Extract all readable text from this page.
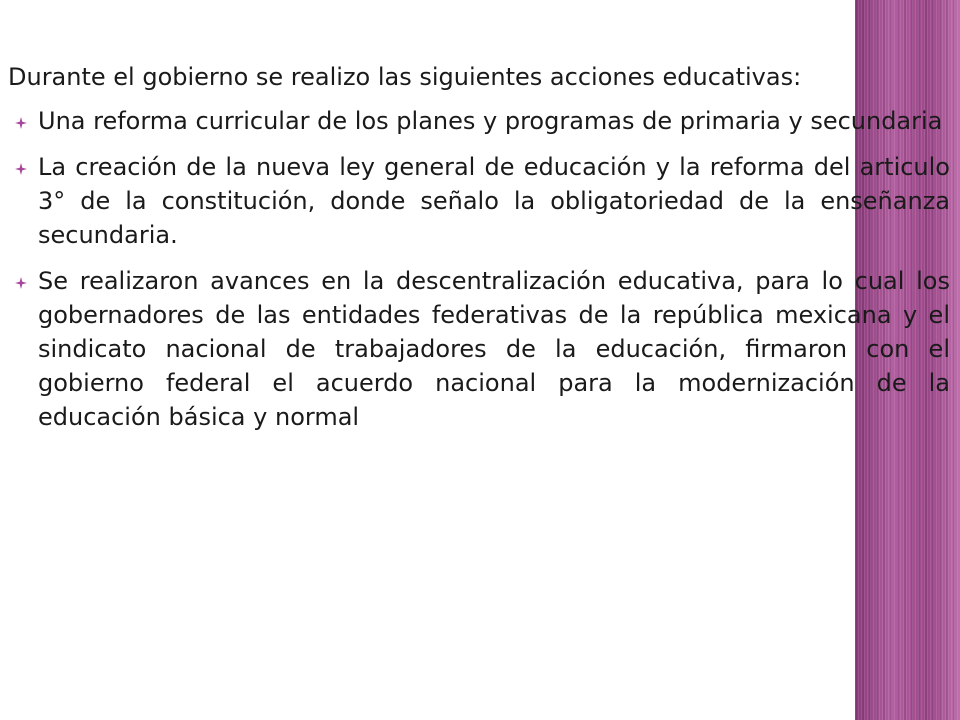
Durante el gobierno se realizo las siguientes acciones educativas:

Una reforma curricular de los planes y programas de primaria y secundaria
La creación de la nueva ley general de educación y la reforma del articulo 3° de la constitución, donde señalo la obligatoriedad de la enseñanza secundaria.
Se realizaron avances en la descentralización educativa, para lo cual los gobernadores de las entidades federativas de la república mexicana y el sindicato nacional de trabajadores de la educación, firmaron con el gobierno federal el acuerdo nacional para la modernización de la educación básica y normal
